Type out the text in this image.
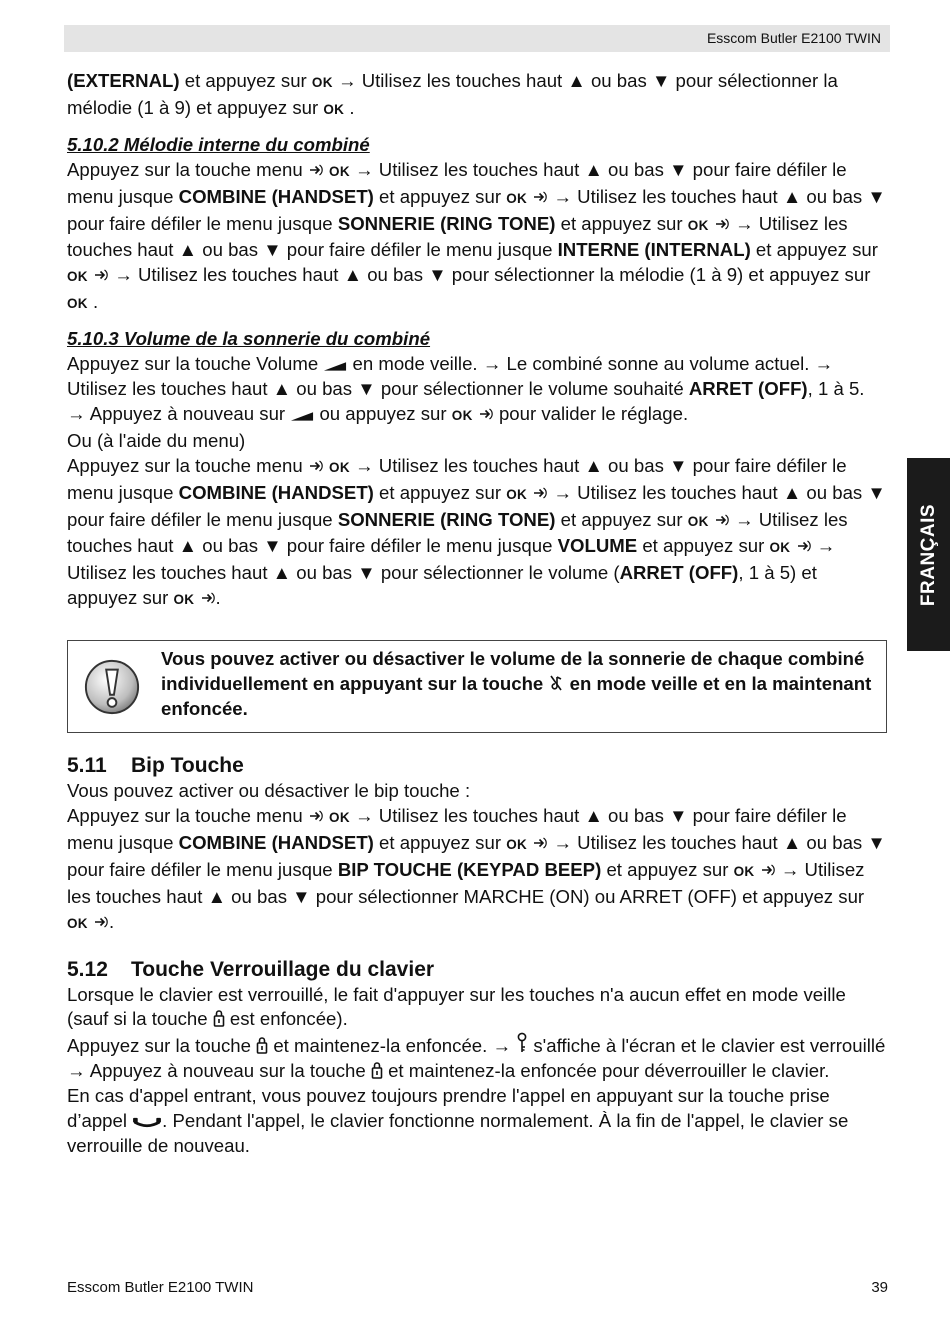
Esscom Butler E2100 TWIN
FRANÇAIS

(EXTERNAL) et appuyez sur OK → Utilisez les touches haut ▲ ou bas ▼ pour sélectionner la mélodie (1 à 9) et appuyez sur OK .

5.10.2 Mélodie interne du combiné

Appuyez sur la touche menu  OK → Utilisez les touches haut ▲ ou bas ▼ pour faire défiler le menu jusque COMBINE (HANDSET) et appuyez sur OK → Utilisez les touches haut ▲ ou bas ▼ pour faire défiler le menu jusque SONNERIE (RING TONE) et appuyez sur OK → Utilisez les touches haut ▲ ou bas ▼ pour faire défiler le menu jusque INTERNE (INTERNAL) et appuyez sur OK → Utilisez les touches haut ▲ ou bas ▼ pour sélectionner la mélodie (1 à 9) et appuyez sur OK .

5.10.3 Volume de la sonnerie du combiné

Appuyez sur la touche Volume  en mode veille. → Le combiné sonne au volume actuel. → Utilisez les touches haut ▲ ou bas ▼ pour sélectionner le volume souhaité ARRET (OFF), 1 à 5. → Appuyez à nouveau sur  ou appuyez sur OK  pour valider le réglage.

Ou (à l'aide du menu)

Appuyez sur la touche menu  OK → Utilisez les touches haut ▲ ou bas ▼ pour faire défiler le menu jusque COMBINE (HANDSET) et appuyez sur OK → Utilisez les touches haut ▲ ou bas ▼ pour faire défiler le menu jusque SONNERIE (RING TONE) et appuyez sur OK → Utilisez les touches haut ▲ ou bas ▼ pour faire défiler le menu jusque VOLUME et appuyez sur OK → Utilisez les touches haut ▲ ou bas ▼ pour sélectionner le volume (ARRET (OFF), 1 à 5) et appuyez sur OK .

Vous pouvez activer ou désactiver le volume de la sonnerie de chaque combiné individuellement en appuyant sur la touche  en mode veille et en la maintenant enfoncée.

5.11 Bip Touche

Vous pouvez activer ou désactiver le bip touche :

Appuyez sur la touche menu  OK → Utilisez les touches haut ▲ ou bas ▼ pour faire défiler le menu jusque COMBINE (HANDSET) et appuyez sur OK → Utilisez les touches haut ▲ ou bas ▼ pour faire défiler le menu jusque BIP TOUCHE (KEYPAD BEEP) et appuyez sur OK → Utilisez les touches haut ▲ ou bas ▼ pour sélectionner MARCHE (ON) ou ARRET (OFF) et appuyez sur OK .

5.12 Touche Verrouillage du clavier

Lorsque le clavier est verrouillé, le fait d'appuyer sur les touches n'a aucun effet en mode veille (sauf si la touche  est enfoncée).

Appuyez sur la touche  et maintenez-la enfoncée. →  s'affiche à l'écran et le clavier est verrouillé → Appuyez à nouveau sur la touche  et maintenez-la enfoncée pour déverrouiller le clavier.

En cas d'appel entrant, vous pouvez toujours prendre l'appel en appuyant sur la touche prise d’appel . Pendant l'appel, le clavier fonctionne normalement. À la fin de l'appel, le clavier se verrouille de nouveau.

Esscom Butler E2100 TWIN	39
